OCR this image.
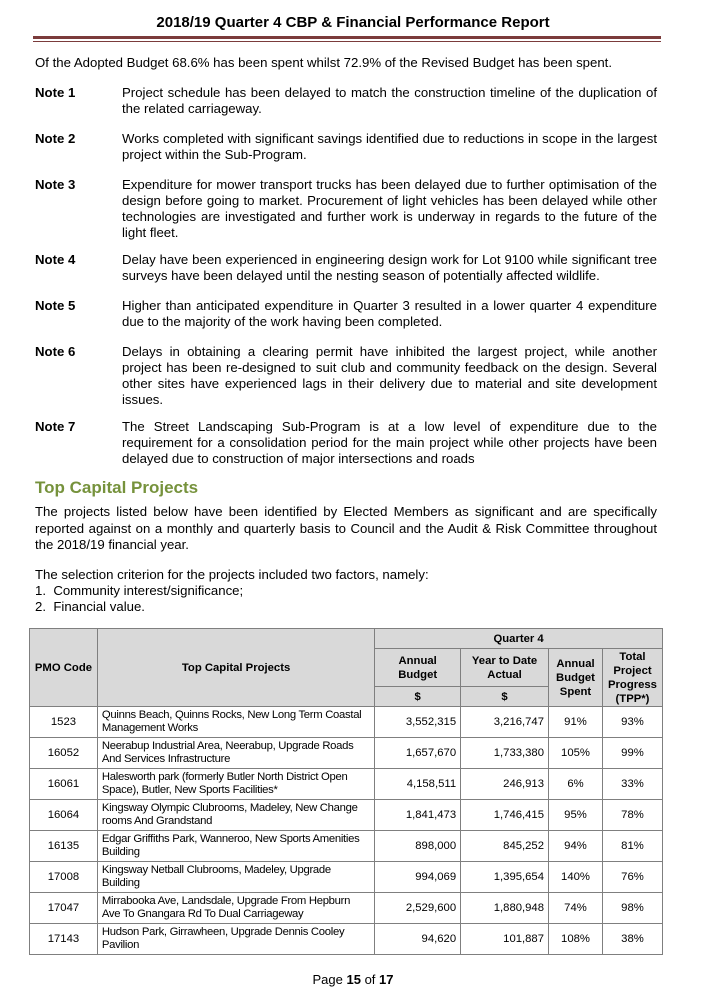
2018/19 Quarter 4 CBP & Financial Performance Report
Of the Adopted Budget 68.6% has been spent whilst 72.9% of the Revised Budget has been spent.
Note 1	Project schedule has been delayed to match the construction timeline of the duplication of the related carriageway.
Note 2	Works completed with significant savings identified due to reductions in scope in the largest project within the Sub-Program.
Note 3	Expenditure for mower transport trucks has been delayed due to further optimisation of the design before going to market. Procurement of light vehicles has been delayed while other technologies are investigated and further work is underway in regards to the future of the light fleet.
Note 4	Delay have been experienced in engineering design work for Lot 9100 while significant tree surveys have been delayed until the nesting season of potentially affected wildlife.
Note 5	Higher than anticipated expenditure in Quarter 3 resulted in a lower quarter 4 expenditure due to the majority of the work having been completed.
Note 6	Delays in obtaining a clearing permit have inhibited the largest project, while another project has been re-designed to suit club and community feedback on the design. Several other sites have experienced lags in their delivery due to material and site development issues.
Note 7	The Street Landscaping Sub-Program is at a low level of expenditure due to the requirement for a consolidation period for the main project while other projects have been delayed due to construction of major intersections and roads
Top Capital Projects
The projects listed below have been identified by Elected Members as significant and are specifically reported against on a monthly and quarterly basis to Council and the Audit & Risk Committee throughout the 2018/19 financial year.
The selection criterion for the projects included two factors, namely:
1. Community interest/significance;
2. Financial value.
PMO Code	Top Capital Projects	Quarter 4			
		Annual Budget	Year to Date Actual	Annual Budget Spent	Total Project Progress (TPP*)
		$	$		
1523	Quinns Beach, Quinns Rocks, New Long Term Coastal Management Works	3,552,315	3,216,747	91%	93%
16052	Neerabup Industrial Area, Neerabup, Upgrade Roads And Services Infrastructure	1,657,670	1,733,380	105%	99%
16061	Halesworth park (formerly Butler North District Open Space), Butler, New Sports Facilities*	4,158,511	246,913	6%	33%
16064	Kingsway Olympic Clubrooms, Madeley, New Change rooms And Grandstand	1,841,473	1,746,415	95%	78%
16135	Edgar Griffiths Park, Wanneroo, New Sports Amenities Building	898,000	845,252	94%	81%
17008	Kingsway Netball Clubrooms, Madeley, Upgrade Building	994,069	1,395,654	140%	76%
17047	Mirrabooka Ave, Landsdale, Upgrade From Hepburn Ave To Gnangara Rd To Dual Carriageway	2,529,600	1,880,948	74%	98%
17143	Hudson Park, Girrawheen, Upgrade Dennis Cooley Pavilion	94,620	101,887	108%	38%
Page 15 of 17
